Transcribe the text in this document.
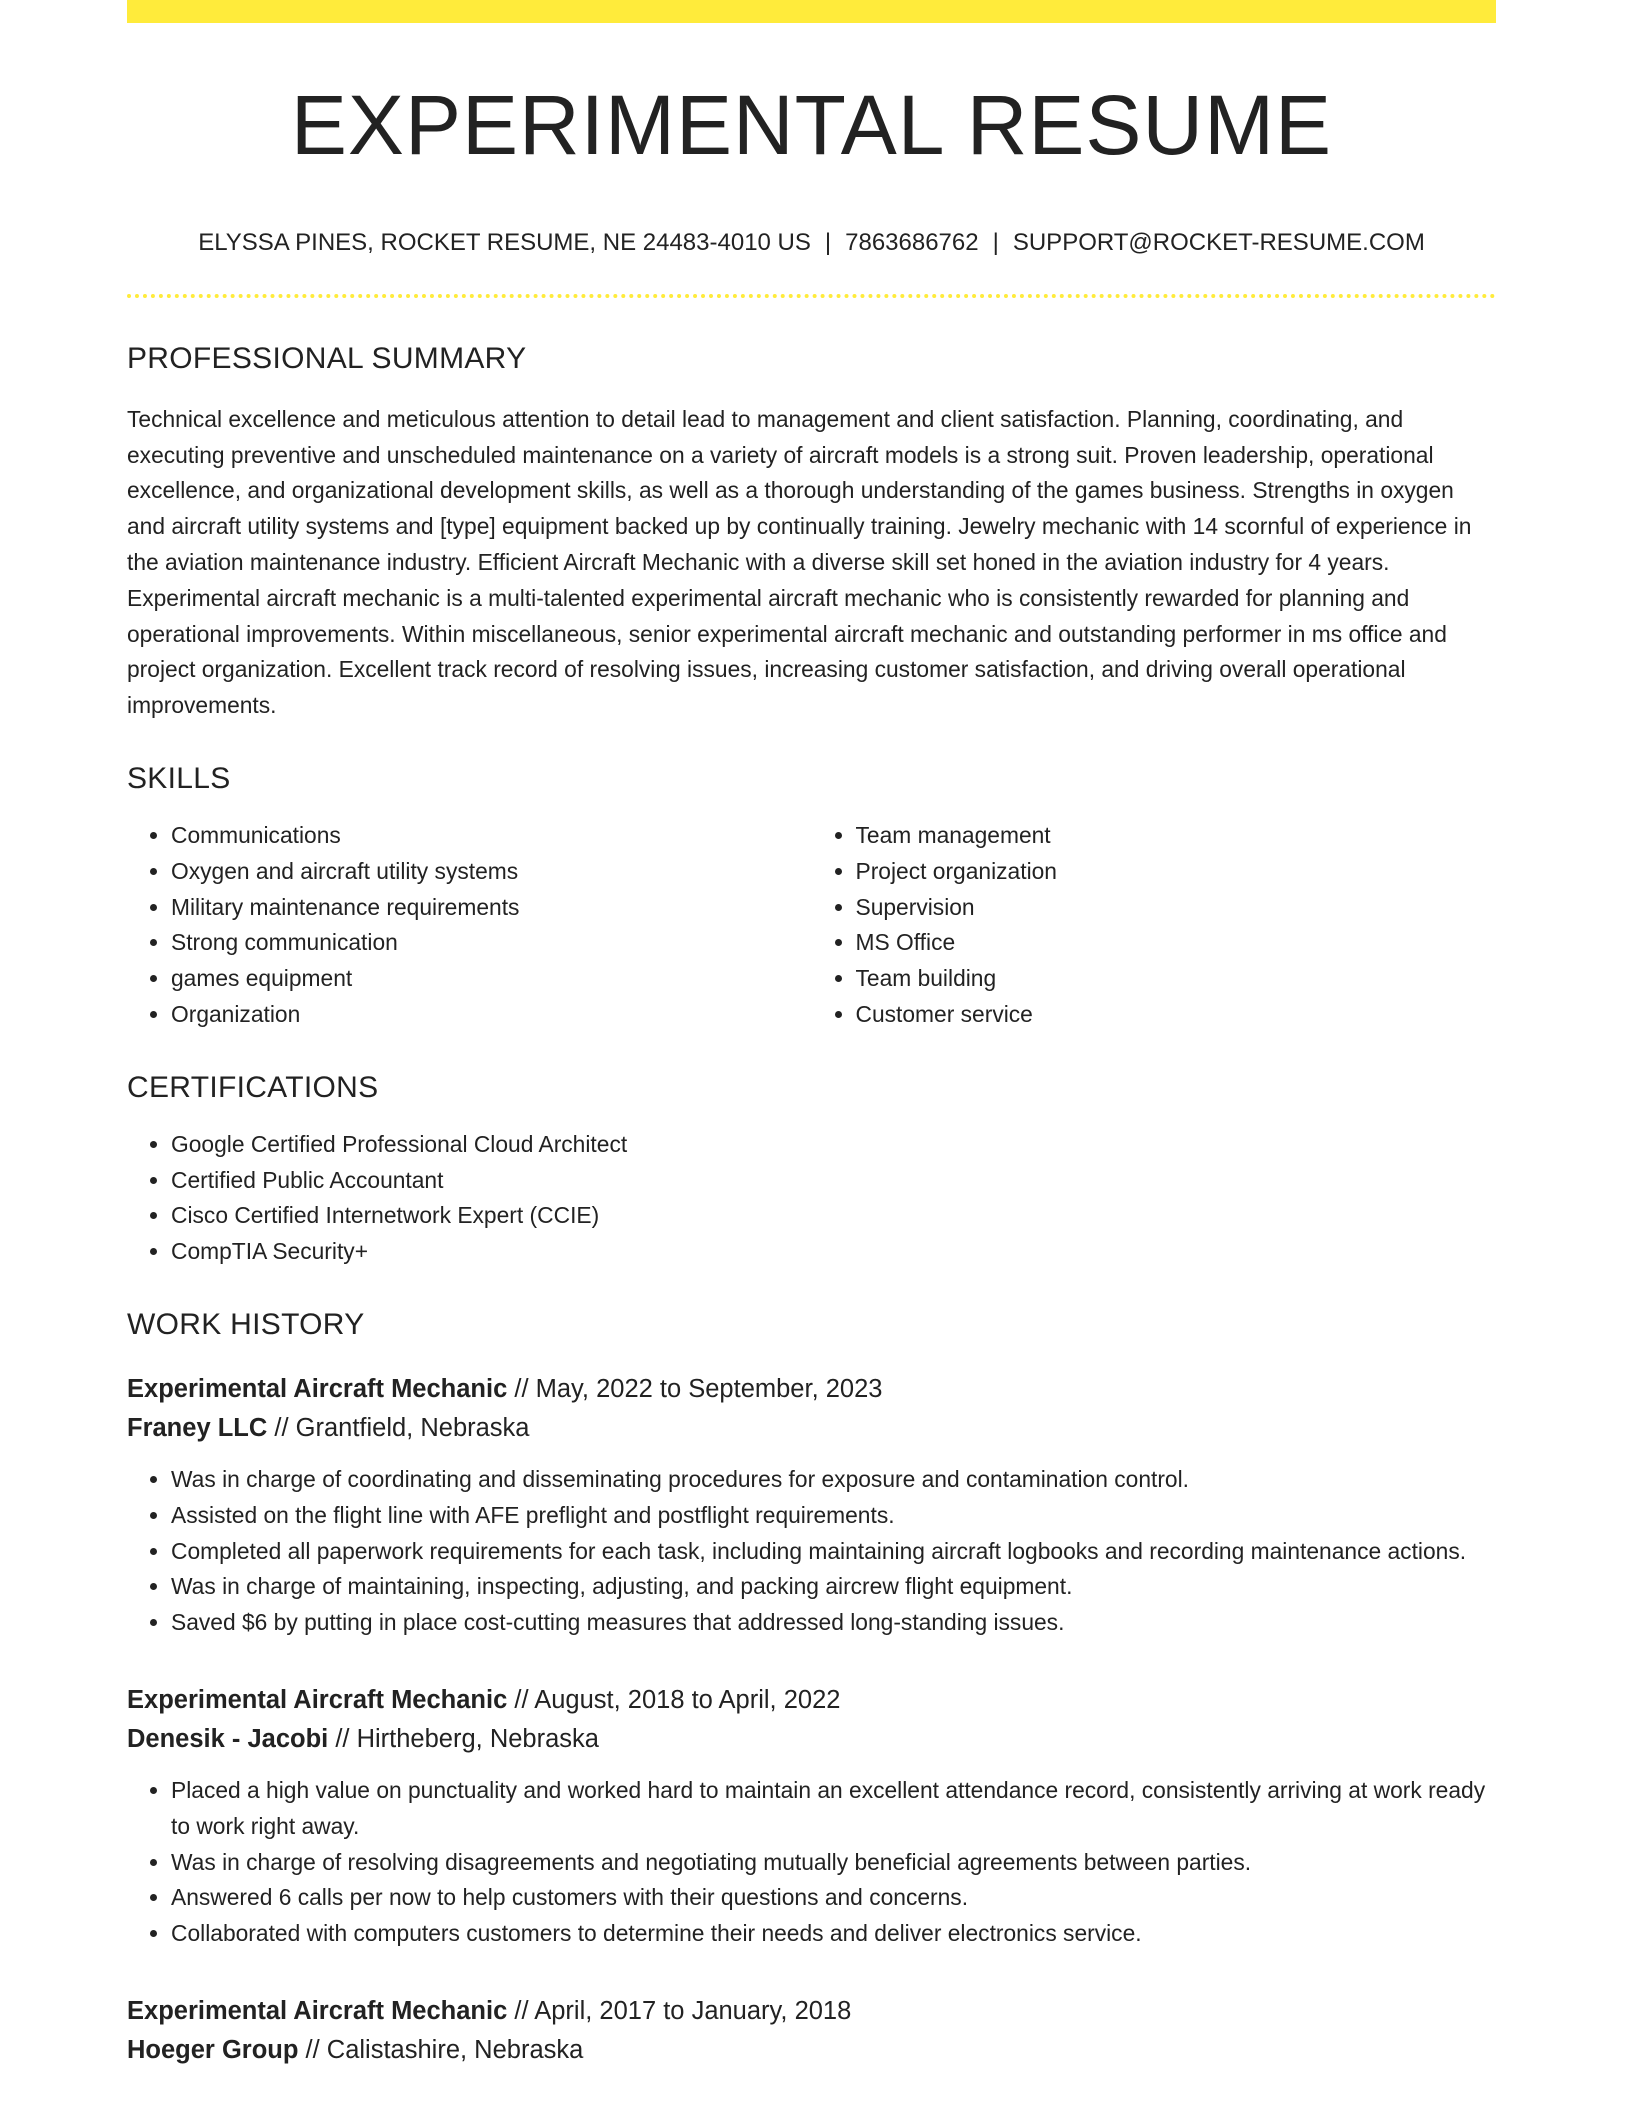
EXPERIMENTAL RESUME
ELYSSA PINES, ROCKET RESUME, NE 24483-4010 US | 7863686762 | SUPPORT@ROCKET-RESUME.COM
PROFESSIONAL SUMMARY

Technical excellence and meticulous attention to detail lead to management and client satisfaction. Planning, coordinating, and executing preventive and unscheduled maintenance on a variety of aircraft models is a strong suit. Proven leadership, operational excellence, and organizational development skills, as well as a thorough understanding of the games business. Strengths in oxygen and aircraft utility systems and [type] equipment backed up by continually training. Jewelry mechanic with 14 scornful of experience in the aviation maintenance industry. Efficient Aircraft Mechanic with a diverse skill set honed in the aviation industry for 4 years. Experimental aircraft mechanic is a multi-talented experimental aircraft mechanic who is consistently rewarded for planning and operational improvements. Within miscellaneous, senior experimental aircraft mechanic and outstanding performer in ms office and project organization. Excellent track record of resolving issues, increasing customer satisfaction, and driving overall operational improvements.

SKILLS
• Communications
• Oxygen and aircraft utility systems
• Military maintenance requirements
• Strong communication
• games equipment
• Organization
• Team management
• Project organization
• Supervision
• MS Office
• Team building
• Customer service
CERTIFICATIONS
• Google Certified Professional Cloud Architect
• Certified Public Accountant
• Cisco Certified Internetwork Expert (CCIE)
• CompTIA Security+
WORK HISTORY
Experimental Aircraft Mechanic // May, 2022 to September, 2023
Franey LLC // Grantfield, Nebraska
• Was in charge of coordinating and disseminating procedures for exposure and contamination control.
• Assisted on the flight line with AFE preflight and postflight requirements.
• Completed all paperwork requirements for each task, including maintaining aircraft logbooks and recording maintenance actions.
• Was in charge of maintaining, inspecting, adjusting, and packing aircrew flight equipment.
• Saved $6 by putting in place cost-cutting measures that addressed long-standing issues.
Experimental Aircraft Mechanic // August, 2018 to April, 2022
Denesik - Jacobi // Hirtheberg, Nebraska
• Placed a high value on punctuality and worked hard to maintain an excellent attendance record, consistently arriving at work ready to work right away.
• Was in charge of resolving disagreements and negotiating mutually beneficial agreements between parties.
• Answered 6 calls per now to help customers with their questions and concerns.
• Collaborated with computers customers to determine their needs and deliver electronics service.
Experimental Aircraft Mechanic // April, 2017 to January, 2018
Hoeger Group // Calistashire, Nebraska
